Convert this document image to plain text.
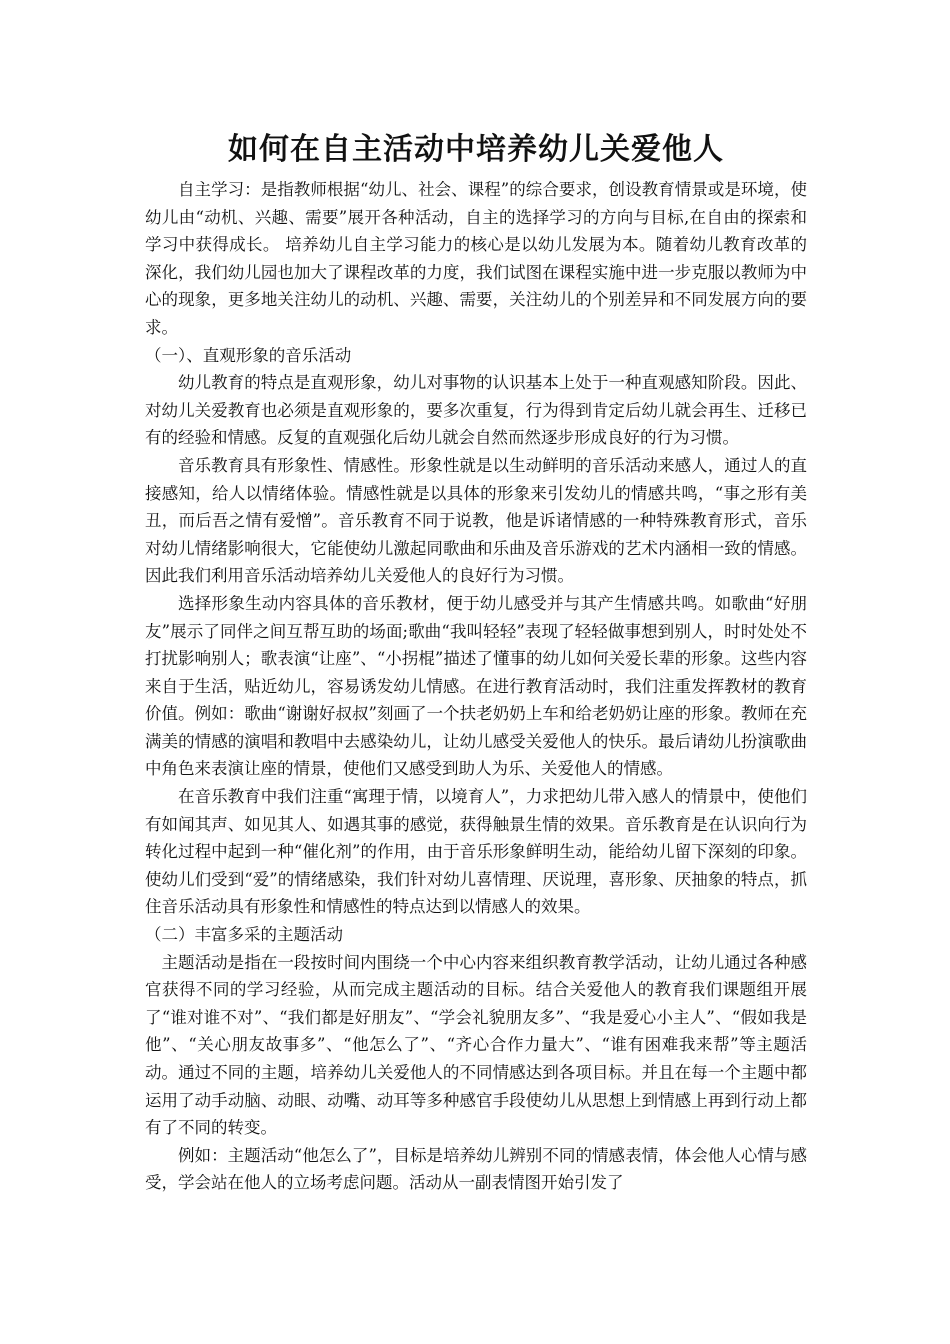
如何在自主活动中培养幼儿关爱他人

自主学习：是指教师根据“幼儿、社会、课程”的综合要求，创设教育情景或是环境，使幼儿由“动机、兴趣、需要”展开各种活动，自主的选择学习的方向与目标,在自由的探索和学习中获得成长。 培养幼儿自主学习能力的核心是以幼儿发展为本。随着幼儿教育改革的深化，我们幼儿园也加大了课程改革的力度，我们试图在课程实施中进一步克服以教师为中心的现象，更多地关注幼儿的动机、兴趣、需要，关注幼儿的个别差异和不同发展方向的要求。

（一）、直观形象的音乐活动

幼儿教育的特点是直观形象，幼儿对事物的认识基本上处于一种直观感知阶段。因此、对幼儿关爱教育也必须是直观形象的，要多次重复，行为得到肯定后幼儿就会再生、迁移已有的经验和情感。反复的直观强化后幼儿就会自然而然逐步形成良好的行为习惯。

音乐教育具有形象性、情感性。形象性就是以生动鲜明的音乐活动来感人，通过人的直接感知，给人以情绪体验。情感性就是以具体的形象来引发幼儿的情感共鸣，“事之形有美丑，而后吾之情有爱憎”。音乐教育不同于说教，他是诉诸情感的一种特殊教育形式，音乐对幼儿情绪影响很大，它能使幼儿激起同歌曲和乐曲及音乐游戏的艺术内涵相一致的情感。因此我们利用音乐活动培养幼儿关爱他人的良好行为习惯。

选择形象生动内容具体的音乐教材，便于幼儿感受并与其产生情感共鸣。如歌曲“好朋友”展示了同伴之间互帮互助的场面;歌曲“我叫轻轻”表现了轻轻做事想到别人，时时处处不打扰影响别人；歌表演“让座”、“小拐棍”描述了懂事的幼儿如何关爱长辈的形象。这些内容来自于生活，贴近幼儿，容易诱发幼儿情感。在进行教育活动时，我们注重发挥教材的教育价值。例如：歌曲“谢谢好叔叔”刻画了一个扶老奶奶上车和给老奶奶让座的形象。教师在充满美的情感的演唱和教唱中去感染幼儿，让幼儿感受关爱他人的快乐。最后请幼儿扮演歌曲中角色来表演让座的情景，使他们又感受到助人为乐、关爱他人的情感。

在音乐教育中我们注重“寓理于情，以境育人”，力求把幼儿带入感人的情景中，使他们有如闻其声、如见其人、如遇其事的感觉，获得触景生情的效果。音乐教育是在认识向行为转化过程中起到一种“催化剂”的作用，由于音乐形象鲜明生动，能给幼儿留下深刻的印象。使幼儿们受到“爱”的情绪感染，我们针对幼儿喜情理、厌说理，喜形象、厌抽象的特点，抓住音乐活动具有形象性和情感性的特点达到以情感人的效果。

（二）丰富多采的主题活动

主题活动是指在一段按时间内围绕一个中心内容来组织教育教学活动，让幼儿通过各种感官获得不同的学习经验，从而完成主题活动的目标。结合关爱他人的教育我们课题组开展了“谁对谁不对”、“我们都是好朋友”、“学会礼貌朋友多”、“我是爱心小主人”、“假如我是他”、“关心朋友故事多”、“他怎么了”、“齐心合作力量大”、“谁有困难我来帮”等主题活动。通过不同的主题，培养幼儿关爱他人的不同情感达到各项目标。并且在每一个主题中都运用了动手动脑、动眼、动嘴、动耳等多种感官手段使幼儿从思想上到情感上再到行动上都有了不同的转变。

例如：主题活动“他怎么了”，目标是培养幼儿辨别不同的情感表情，体会他人心情与感受，学会站在他人的立场考虑问题。活动从一副表情图开始引发了
